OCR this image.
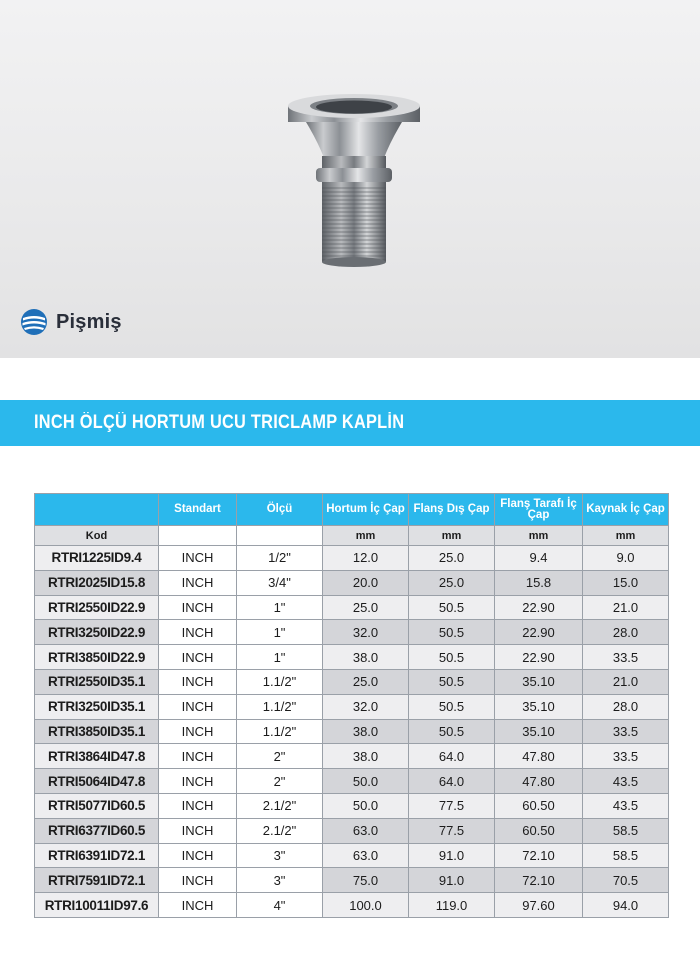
Pişmiş
INCH ÖLÇÜ HORTUM UCU TRICLAMP KAPLİN
	Standart	Ölçü	Hortum İç Çap	Flanş Dış Çap	Flanş Tarafı İç Çap	Kaynak İç Çap
Kod			mm	mm	mm	mm
RTRI1225ID9.4	INCH	1/2"	12.0	25.0	9.4	9.0
RTRI2025ID15.8	INCH	3/4"	20.0	25.0	15.8	15.0
RTRI2550ID22.9	INCH	1"	25.0	50.5	22.90	21.0
RTRI3250ID22.9	INCH	1"	32.0	50.5	22.90	28.0
RTRI3850ID22.9	INCH	1"	38.0	50.5	22.90	33.5
RTRI2550ID35.1	INCH	1.1/2"	25.0	50.5	35.10	21.0
RTRI3250ID35.1	INCH	1.1/2"	32.0	50.5	35.10	28.0
RTRI3850ID35.1	INCH	1.1/2"	38.0	50.5	35.10	33.5
RTRI3864ID47.8	INCH	2"	38.0	64.0	47.80	33.5
RTRI5064ID47.8	INCH	2"	50.0	64.0	47.80	43.5
RTRI5077ID60.5	INCH	2.1/2"	50.0	77.5	60.50	43.5
RTRI6377ID60.5	INCH	2.1/2"	63.0	77.5	60.50	58.5
RTRI6391ID72.1	INCH	3"	63.0	91.0	72.10	58.5
RTRI7591ID72.1	INCH	3"	75.0	91.0	72.10	70.5
RTRI10011ID97.6	INCH	4"	100.0	119.0	97.60	94.0
